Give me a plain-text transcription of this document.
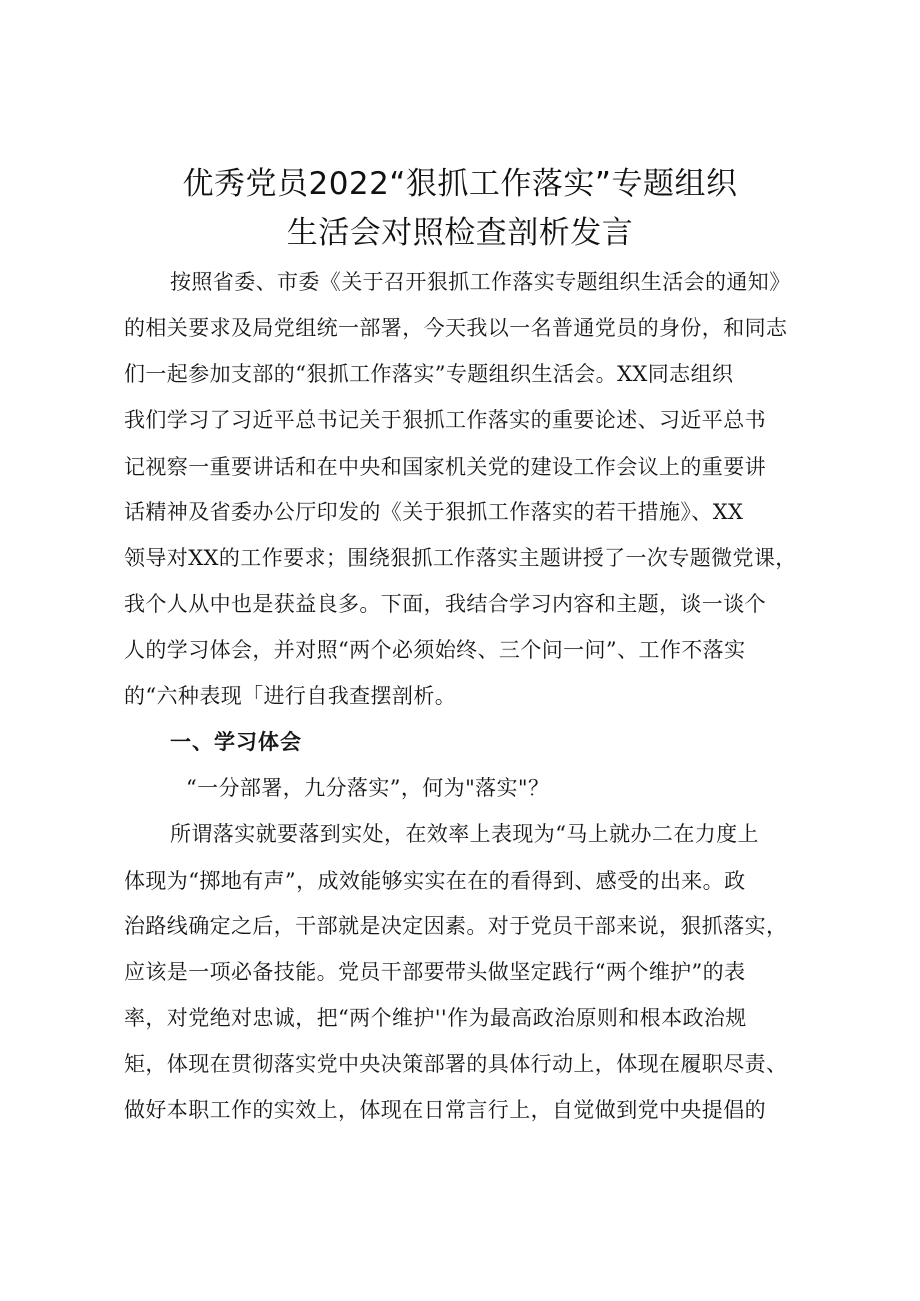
优秀党员2022“狠抓工作落实”专题组织
生活会对照检查剖析发言
按照省委、市委《关于召开狠抓工作落实专题组织生活会的通知》
的相关要求及局党组统一部署，今天我以一名普通党员的身份，和同志
们一起参加支部的“狠抓工作落实”专题组织生活会。XX同志组织
我们学习了习近平总书记关于狠抓工作落实的重要论述、习近平总书
记视察一重要讲话和在中央和国家机关党的建设工作会议上的重要讲
话精神及省委办公厅印发的《关于狠抓工作落实的若干措施》、XX
领导对XX的工作要求；围绕狠抓工作落实主题讲授了一次专题微党课，
我个人从中也是获益良多。下面，我结合学习内容和主题，谈一谈个
人的学习体会，并对照“两个必须始终、三个问一问”、工作不落实
的“六种表现「进行自我查摆剖析。
一、学习体会
“一分部署，九分落实”，何为"落实"？
所谓落实就要落到实处，在效率上表现为“马上就办二在力度上
体现为“掷地有声”，成效能够实实在在的看得到、感受的出来。政
治路线确定之后，干部就是决定因素。对于党员干部来说，狠抓落实，
应该是一项必备技能。党员干部要带头做坚定践行“两个维护”的表
率，对党绝对忠诚，把“两个维护''作为最高政治原则和根本政治规
矩，体现在贯彻落实党中央决策部署的具体行动上，体现在履职尽责、
做好本职工作的实效上，体现在日常言行上，自觉做到党中央提倡的
